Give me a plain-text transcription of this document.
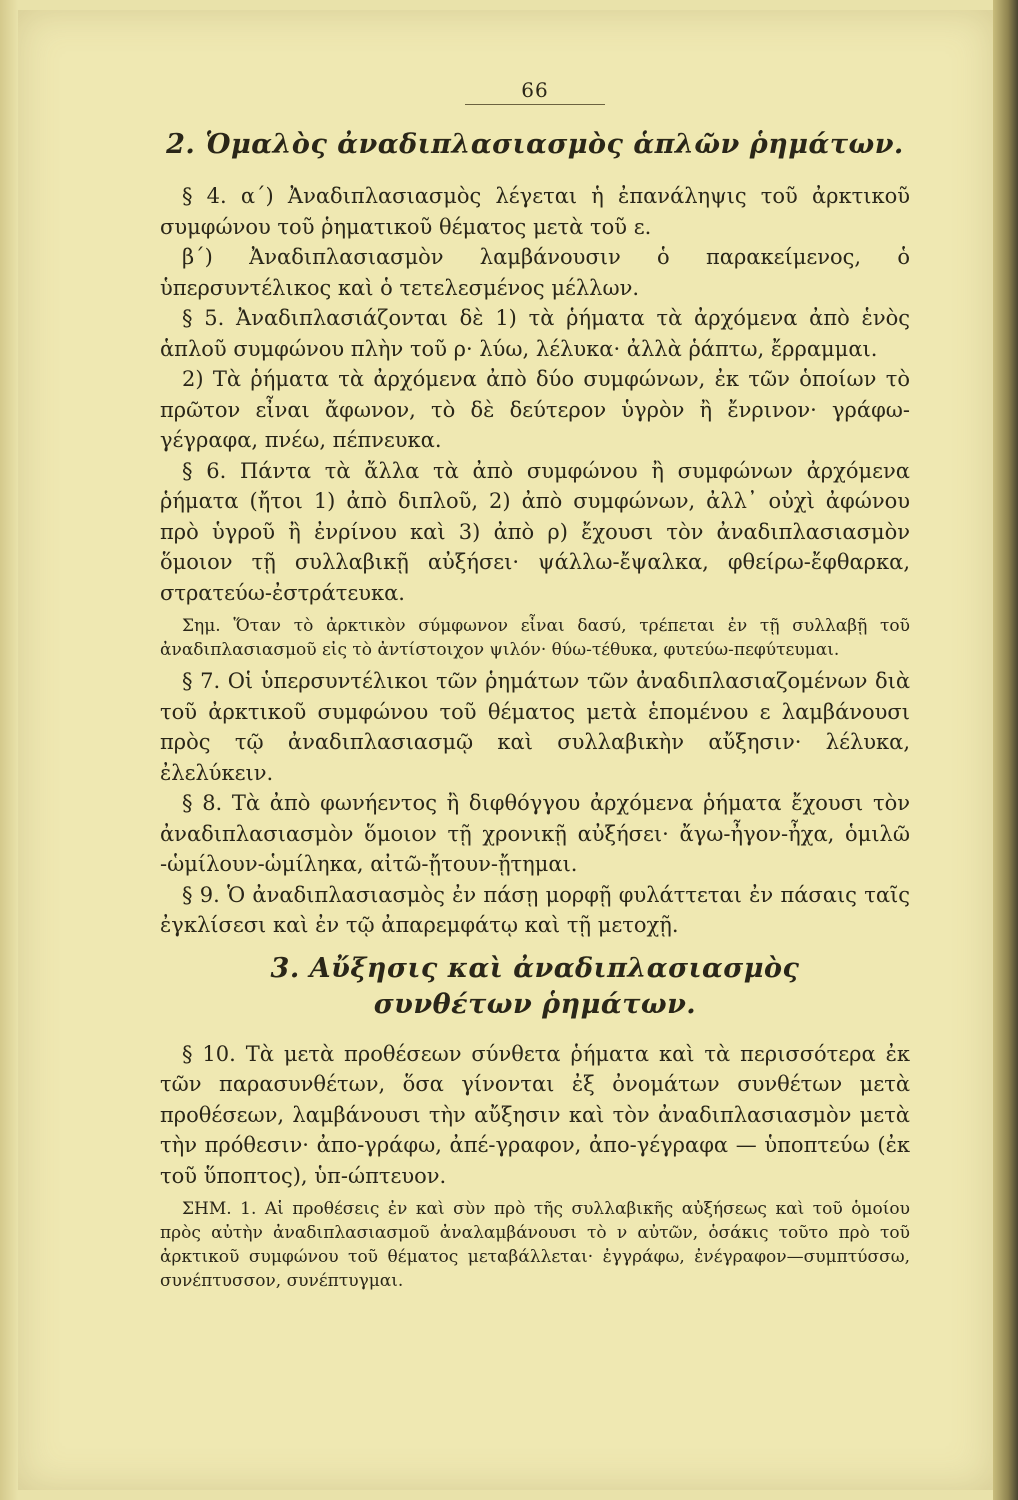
66
2. Ὁμαλὸς ἀναδιπλασιασμὸς ἁπλῶν ῥημάτων.

§ 4. α΄) Ἀναδιπλασιασμὸς λέγεται ἡ ἐπανάληψις τοῦ ἀρκτικοῦ συμφώνου τοῦ ῥηματικοῦ θέματος μετὰ τοῦ ε.

β΄) Ἀναδιπλασιασμὸν λαμβάνουσιν ὁ παρακείμενος, ὁ ὑπερσυντέλικος καὶ ὁ τετελεσμένος μέλλων.

§ 5. Ἀναδιπλασιάζονται δὲ 1) τὰ ῥήματα τὰ ἀρχόμενα ἀπὸ ἑνὸς ἁπλοῦ συμφώνου πλὴν τοῦ ρ· λύω, λέλυκα· ἀλλὰ ῥάπτω, ἔρραμμαι.

2) Τὰ ῥήματα τὰ ἀρχόμενα ἀπὸ δύο συμφώνων, ἐκ τῶν ὁποίων τὸ πρῶτον εἶναι ἄφωνον, τὸ δὲ δεύτερον ὑγρὸν ἢ ἔνρινον· γράφω-γέγραφα, πνέω, πέπνευκα.

§ 6. Πάντα τὰ ἄλλα τὰ ἀπὸ συμφώνου ἢ συμφώνων ἀρχόμενα ῥήματα (ἤτοι 1) ἀπὸ διπλοῦ, 2) ἀπὸ συμφώνων, ἀλλ᾽ οὐχὶ ἀφώνου πρὸ ὑγροῦ ἢ ἐνρίνου καὶ 3) ἀπὸ ρ) ἔχουσι τὸν ἀναδιπλασιασμὸν ὅμοιον τῇ συλλαβικῇ αὐξήσει· ψάλλω-ἔψαλκα, φθείρω-ἔφθαρκα, στρατεύω-ἐστράτευκα.

Σημ. Ὅταν τὸ ἀρκτικὸν σύμφωνον εἶναι δασύ, τρέπεται ἐν τῇ συλλαβῇ τοῦ ἀναδιπλασιασμοῦ εἰς τὸ ἀντίστοιχον ψιλόν· θύω-τέθυκα, φυτεύω-πεφύτευμαι.

§ 7. Οἱ ὑπερσυντέλικοι τῶν ῥημάτων τῶν ἀναδιπλασιαζομένων διὰ τοῦ ἀρκτικοῦ συμφώνου τοῦ θέματος μετὰ ἑπομένου ε λαμβάνουσι πρὸς τῷ ἀναδιπλασιασμῷ καὶ συλλαβικὴν αὔξησιν· λέλυκα, ἐλελύκειν.

§ 8. Τὰ ἀπὸ φωνήεντος ἢ διφθόγγου ἀρχόμενα ῥήματα ἔχουσι τὸν ἀναδιπλασιασμὸν ὅμοιον τῇ χρονικῇ αὐξήσει· ἄγω-ἦγον-ἦχα, ὁμιλῶ -ὡμίλουν-ὡμίληκα, αἰτῶ-ᾔτουν-ᾔτημαι.

§ 9. Ὁ ἀναδιπλασιασμὸς ἐν πάσῃ μορφῇ φυλάττεται ἐν πάσαις ταῖς ἐγκλίσεσι καὶ ἐν τῷ ἀπαρεμφάτῳ καὶ τῇ μετοχῇ.

3. Αὔξησις καὶ ἀναδιπλασιασμὸς
συνθέτων ῥημάτων.

§ 10. Τὰ μετὰ προθέσεων σύνθετα ῥήματα καὶ τὰ περισσότερα ἐκ τῶν παρασυνθέτων, ὅσα γίνονται ἐξ ὀνομάτων συνθέτων μετὰ προθέσεων, λαμβάνουσι τὴν αὔξησιν καὶ τὸν ἀναδιπλασιασμὸν μετὰ τὴν πρόθεσιν· ἀπο-γράφω, ἀπέ-γραφον, ἀπο-γέγραφα — ὑποπτεύω (ἐκ τοῦ ὕποπτος), ὑπ-ώπτευον.

ΣΗΜ. 1. Αἱ προθέσεις ἐν καὶ σὺν πρὸ τῆς συλλαβικῆς αὐξήσεως καὶ τοῦ ὁμοίου πρὸς αὐτὴν ἀναδιπλασιασμοῦ ἀναλαμβάνουσι τὸ ν αὐτῶν, ὁσάκις τοῦτο πρὸ τοῦ ἀρκτικοῦ συμφώνου τοῦ θέματος μεταβάλλεται· ἐγγράφω, ἐνέγραφον—συμπτύσσω, συνέπτυσσον, συνέπτυγμαι.
